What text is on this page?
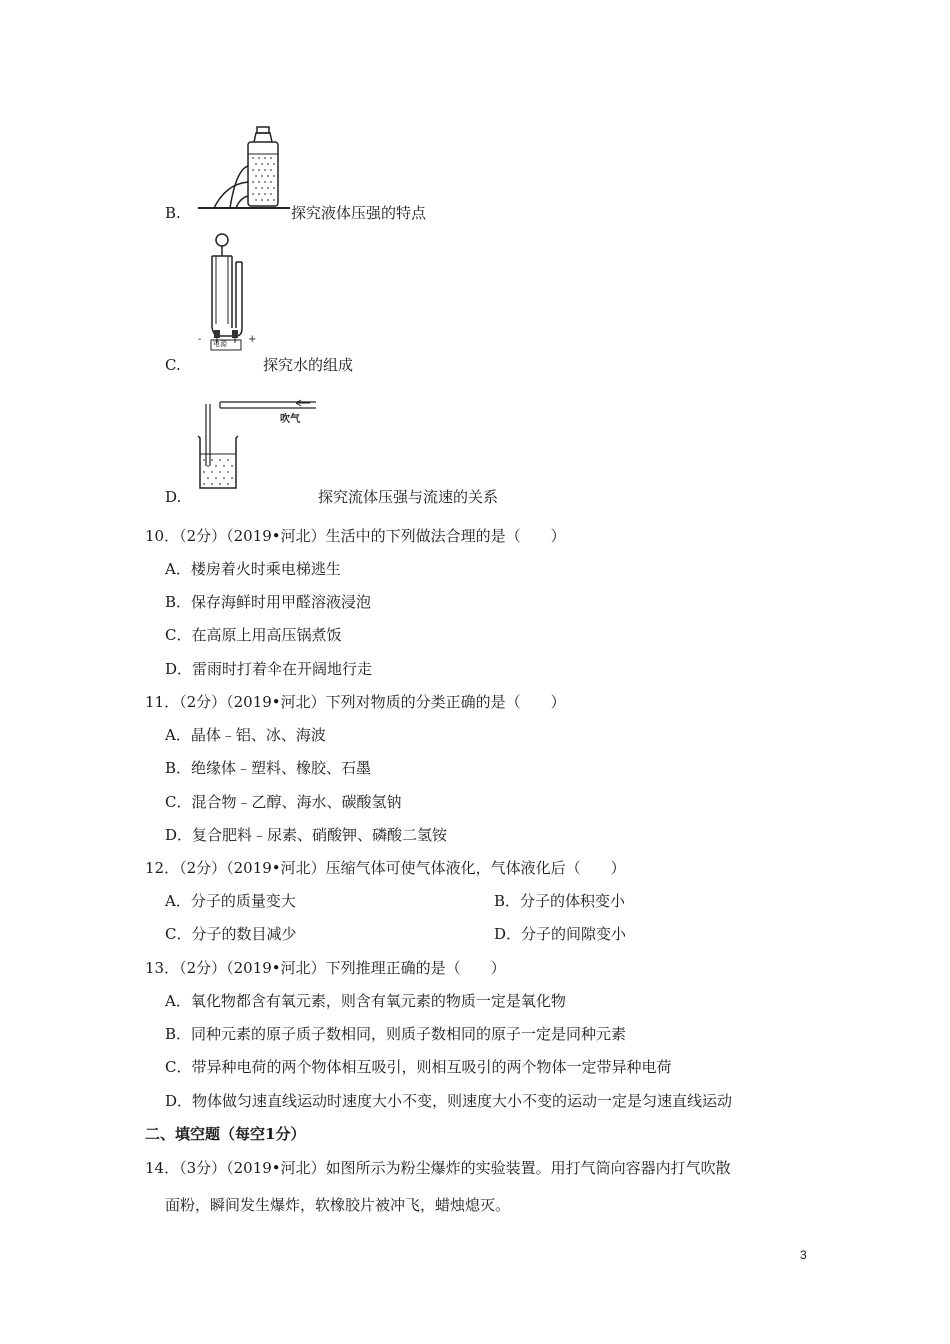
B.	探究液体压强的特点
电源
-	+
C.	探究水的组成
吹气
D.	探究流体压强与流速的关系
10．（2分）（2019•河北）生活中的下列做法合理的是（　　）
A．楼房着火时乘电梯逃生
B．保存海鲜时用甲醛溶液浸泡
C．在高原上用高压锅煮饭
D．雷雨时打着伞在开阔地行走
11．（2分）（2019•河北）下列对物质的分类正确的是（　　）
A．晶体﹣铝、冰、海波
B．绝缘体﹣塑料、橡胶、石墨
C．混合物﹣乙醇、海水、碳酸氢钠
D．复合肥料﹣尿素、硝酸钾、磷酸二氢铵
12．（2分）（2019•河北）压缩气体可使气体液化，气体液化后（　　）
A．分子的质量变大	B．分子的体积变小
C．分子的数目减少	D．分子的间隙变小
13．（2分）（2019•河北）下列推理正确的是（　　）
A．氧化物都含有氧元素，则含有氧元素的物质一定是氧化物
B．同种元素的原子质子数相同，则质子数相同的原子一定是同种元素
C．带异种电荷的两个物体相互吸引，则相互吸引的两个物体一定带异种电荷
D．物体做匀速直线运动时速度大小不变，则速度大小不变的运动一定是匀速直线运动
二、填空题（每空1分）
14．（3分）（2019•河北）如图所示为粉尘爆炸的实验装置。用打气筒向容器内打气吹散
面粉，瞬间发生爆炸，软橡胶片被冲飞，蜡烛熄灭。
3
